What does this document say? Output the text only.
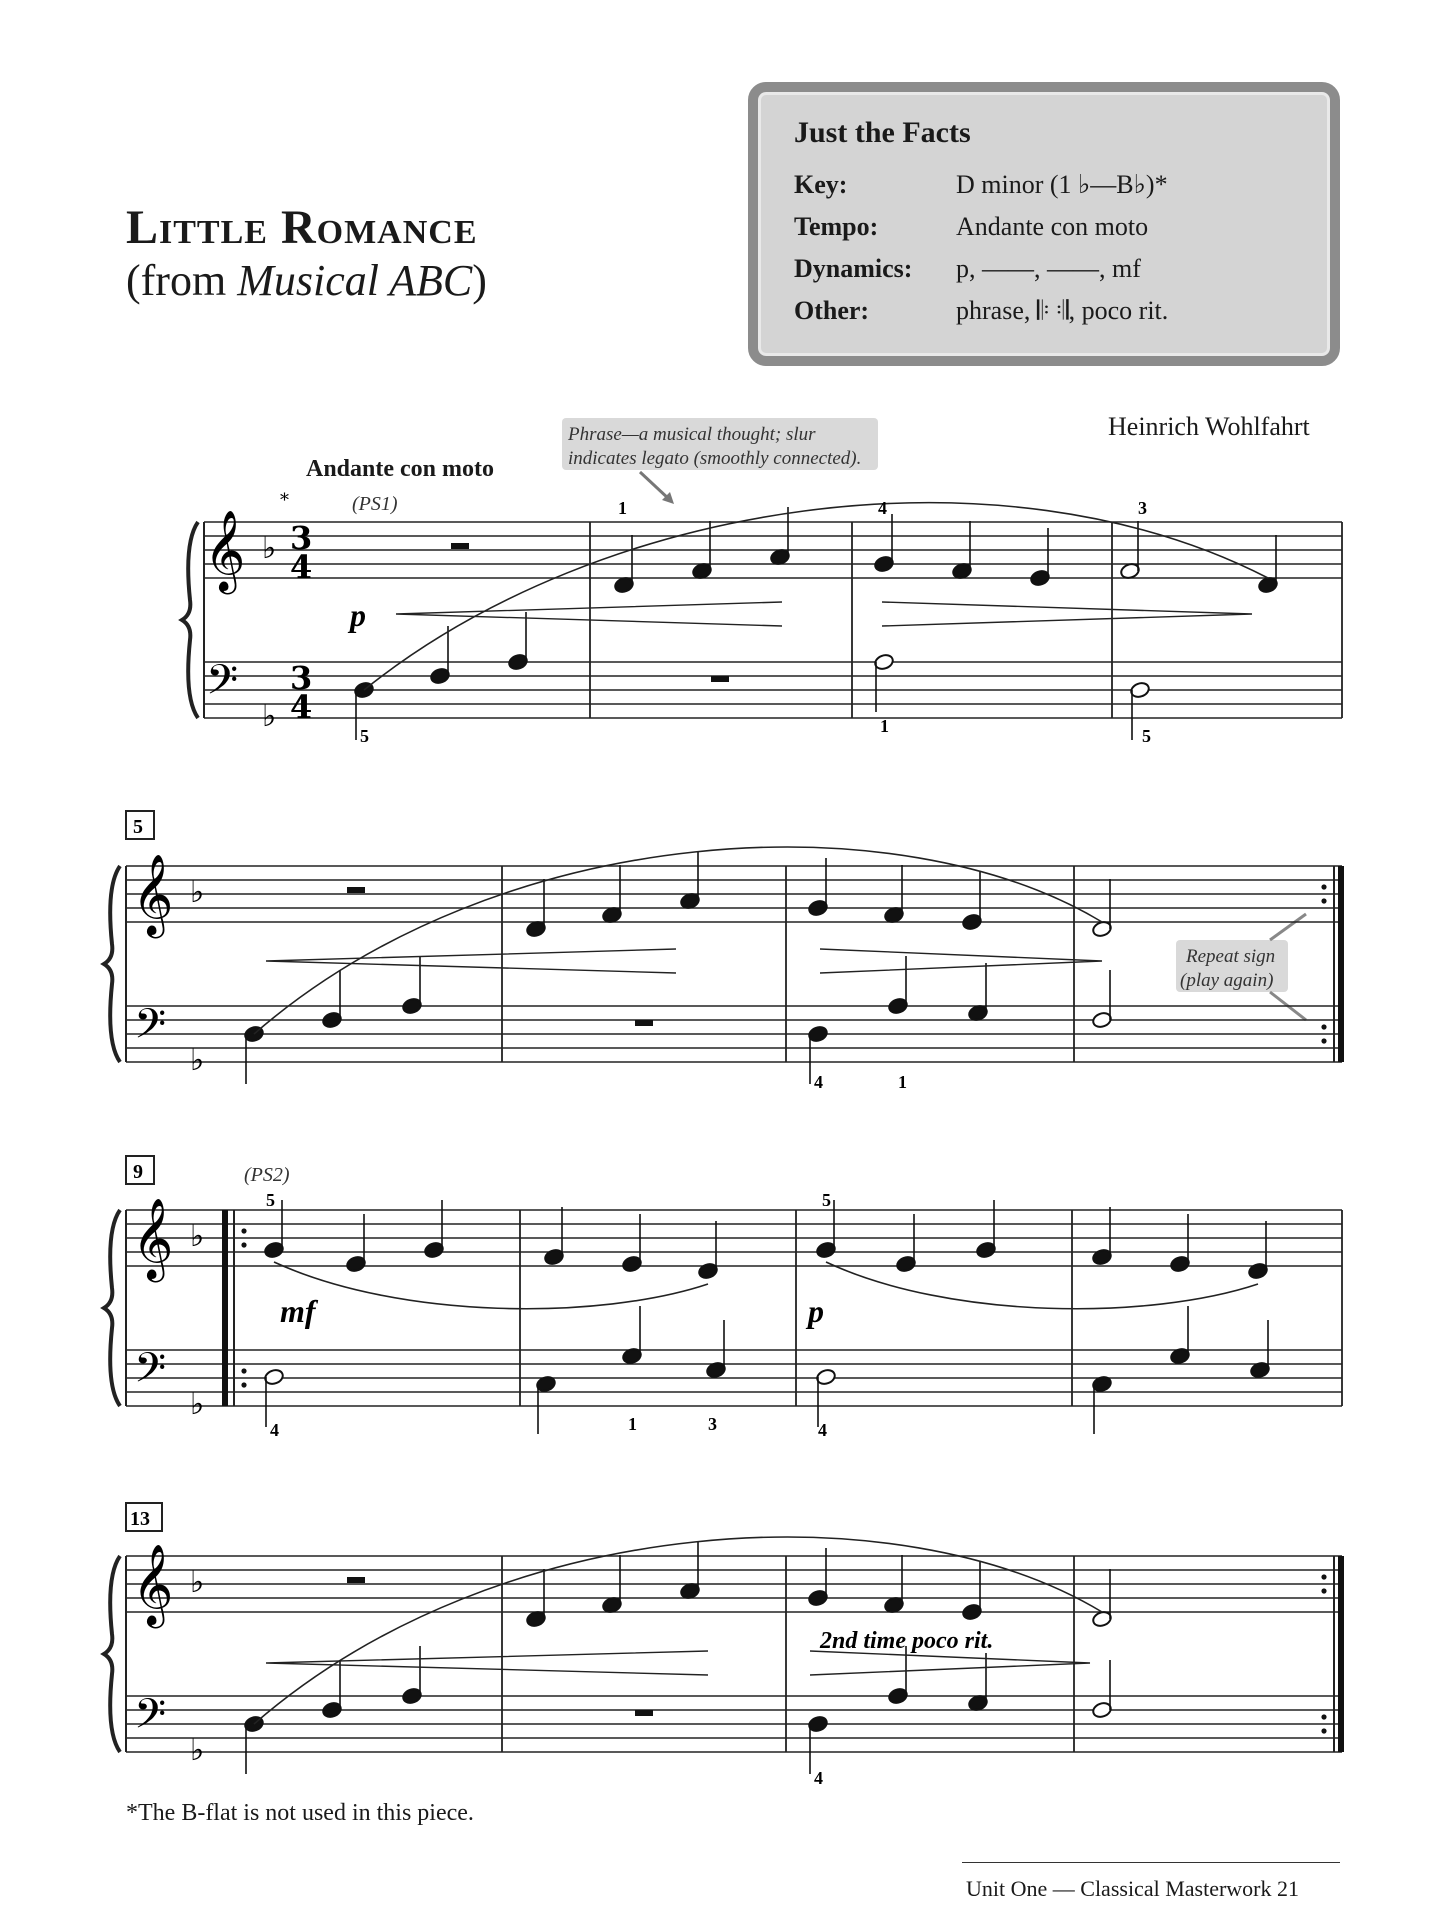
Little Romance
(from Musical ABC)
Just the Facts
Key:	D minor (1 ♭—B♭)*
Tempo:	Andante con moto
Dynamics:	p, ——, ——, mf
Other:	phrase, 𝄆 𝄇, poco rit.
Heinrich Wohlfahrt
Andante con moto
Phrase—a musical thought; slur
indicates legato (smoothly connected).
Repeat sign
(play again)
𝄞
𝄢
♭
♭
3
4
3
4
𝄞
𝄢
♭
♭
𝄞
𝄢
♭
♭
𝄞
𝄢
♭
♭
*	(PS1)
(PS2)
5
9
13
p
mf	p
2nd time poco rit.
1	4	3
5	1	5
4	1
5	5
4	1	3	4
4
*The B-flat is not used in this piece.
Unit One — Classical Masterwork 21
